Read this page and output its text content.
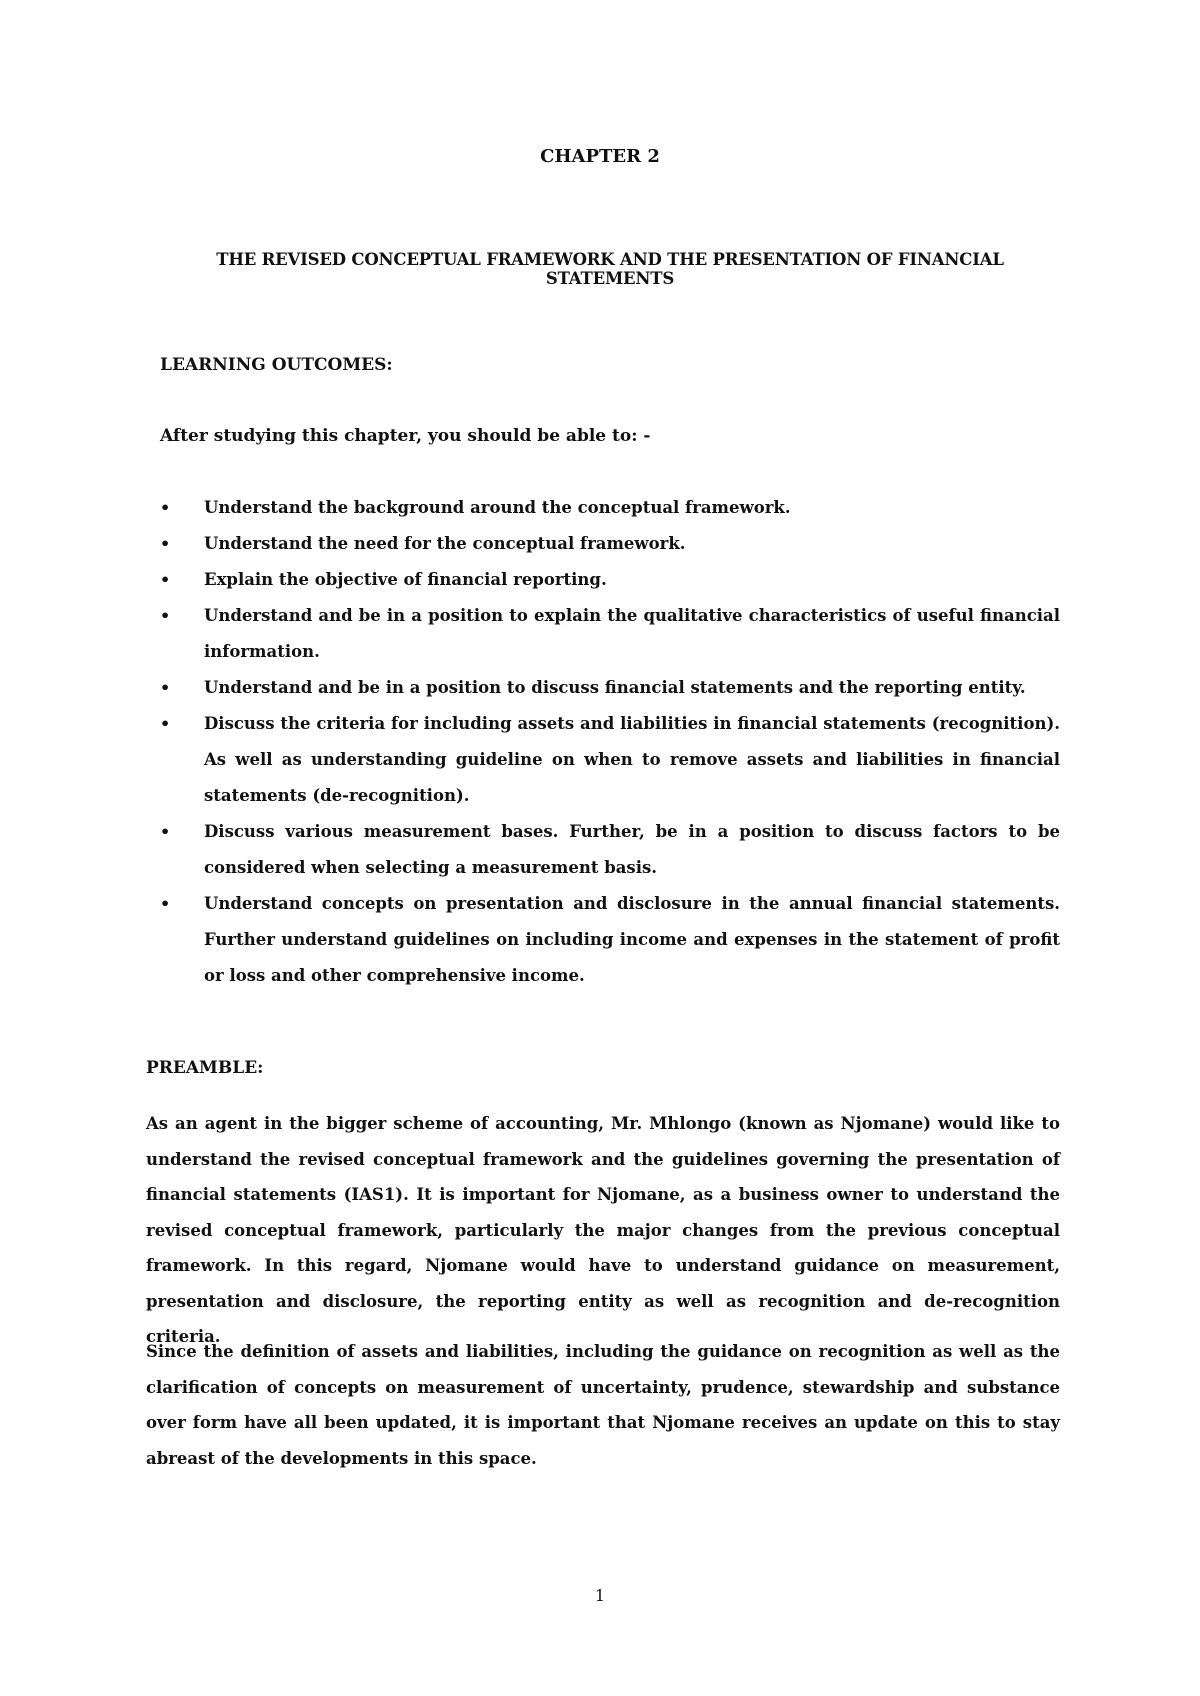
CHAPTER 2
THE REVISED CONCEPTUAL FRAMEWORK AND THE PRESENTATION OF FINANCIAL STATEMENTS
LEARNING OUTCOMES:
After studying this chapter, you should be able to: -
• Understand the background around the conceptual framework.
• Understand the need for the conceptual framework.
• Explain the objective of financial reporting.
• Understand and be in a position to explain the qualitative characteristics of useful financial information.
• Understand and be in a position to discuss financial statements and the reporting entity.
• Discuss the criteria for including assets and liabilities in financial statements (recognition). As well as understanding guideline on when to remove assets and liabilities in financial statements (de-recognition).
• Discuss various measurement bases. Further, be in a position to discuss factors to be considered when selecting a measurement basis.
• Understand concepts on presentation and disclosure in the annual financial statements. Further understand guidelines on including income and expenses in the statement of profit or loss and other comprehensive income.
PREAMBLE:

As an agent in the bigger scheme of accounting, Mr. Mhlongo (known as Njomane) would like to understand the revised conceptual framework and the guidelines governing the presentation of financial statements (IAS1). It is important for Njomane, as a business owner to understand the revised conceptual framework, particularly the major changes from the previous conceptual framework. In this regard, Njomane would have to understand guidance on measurement, presentation and disclosure, the reporting entity as well as recognition and de-recognition criteria.

Since the definition of assets and liabilities, including the guidance on recognition as well as the clarification of concepts on measurement of uncertainty, prudence, stewardship and substance over form have all been updated, it is important that Njomane receives an update on this to stay abreast of the developments in this space.

1
